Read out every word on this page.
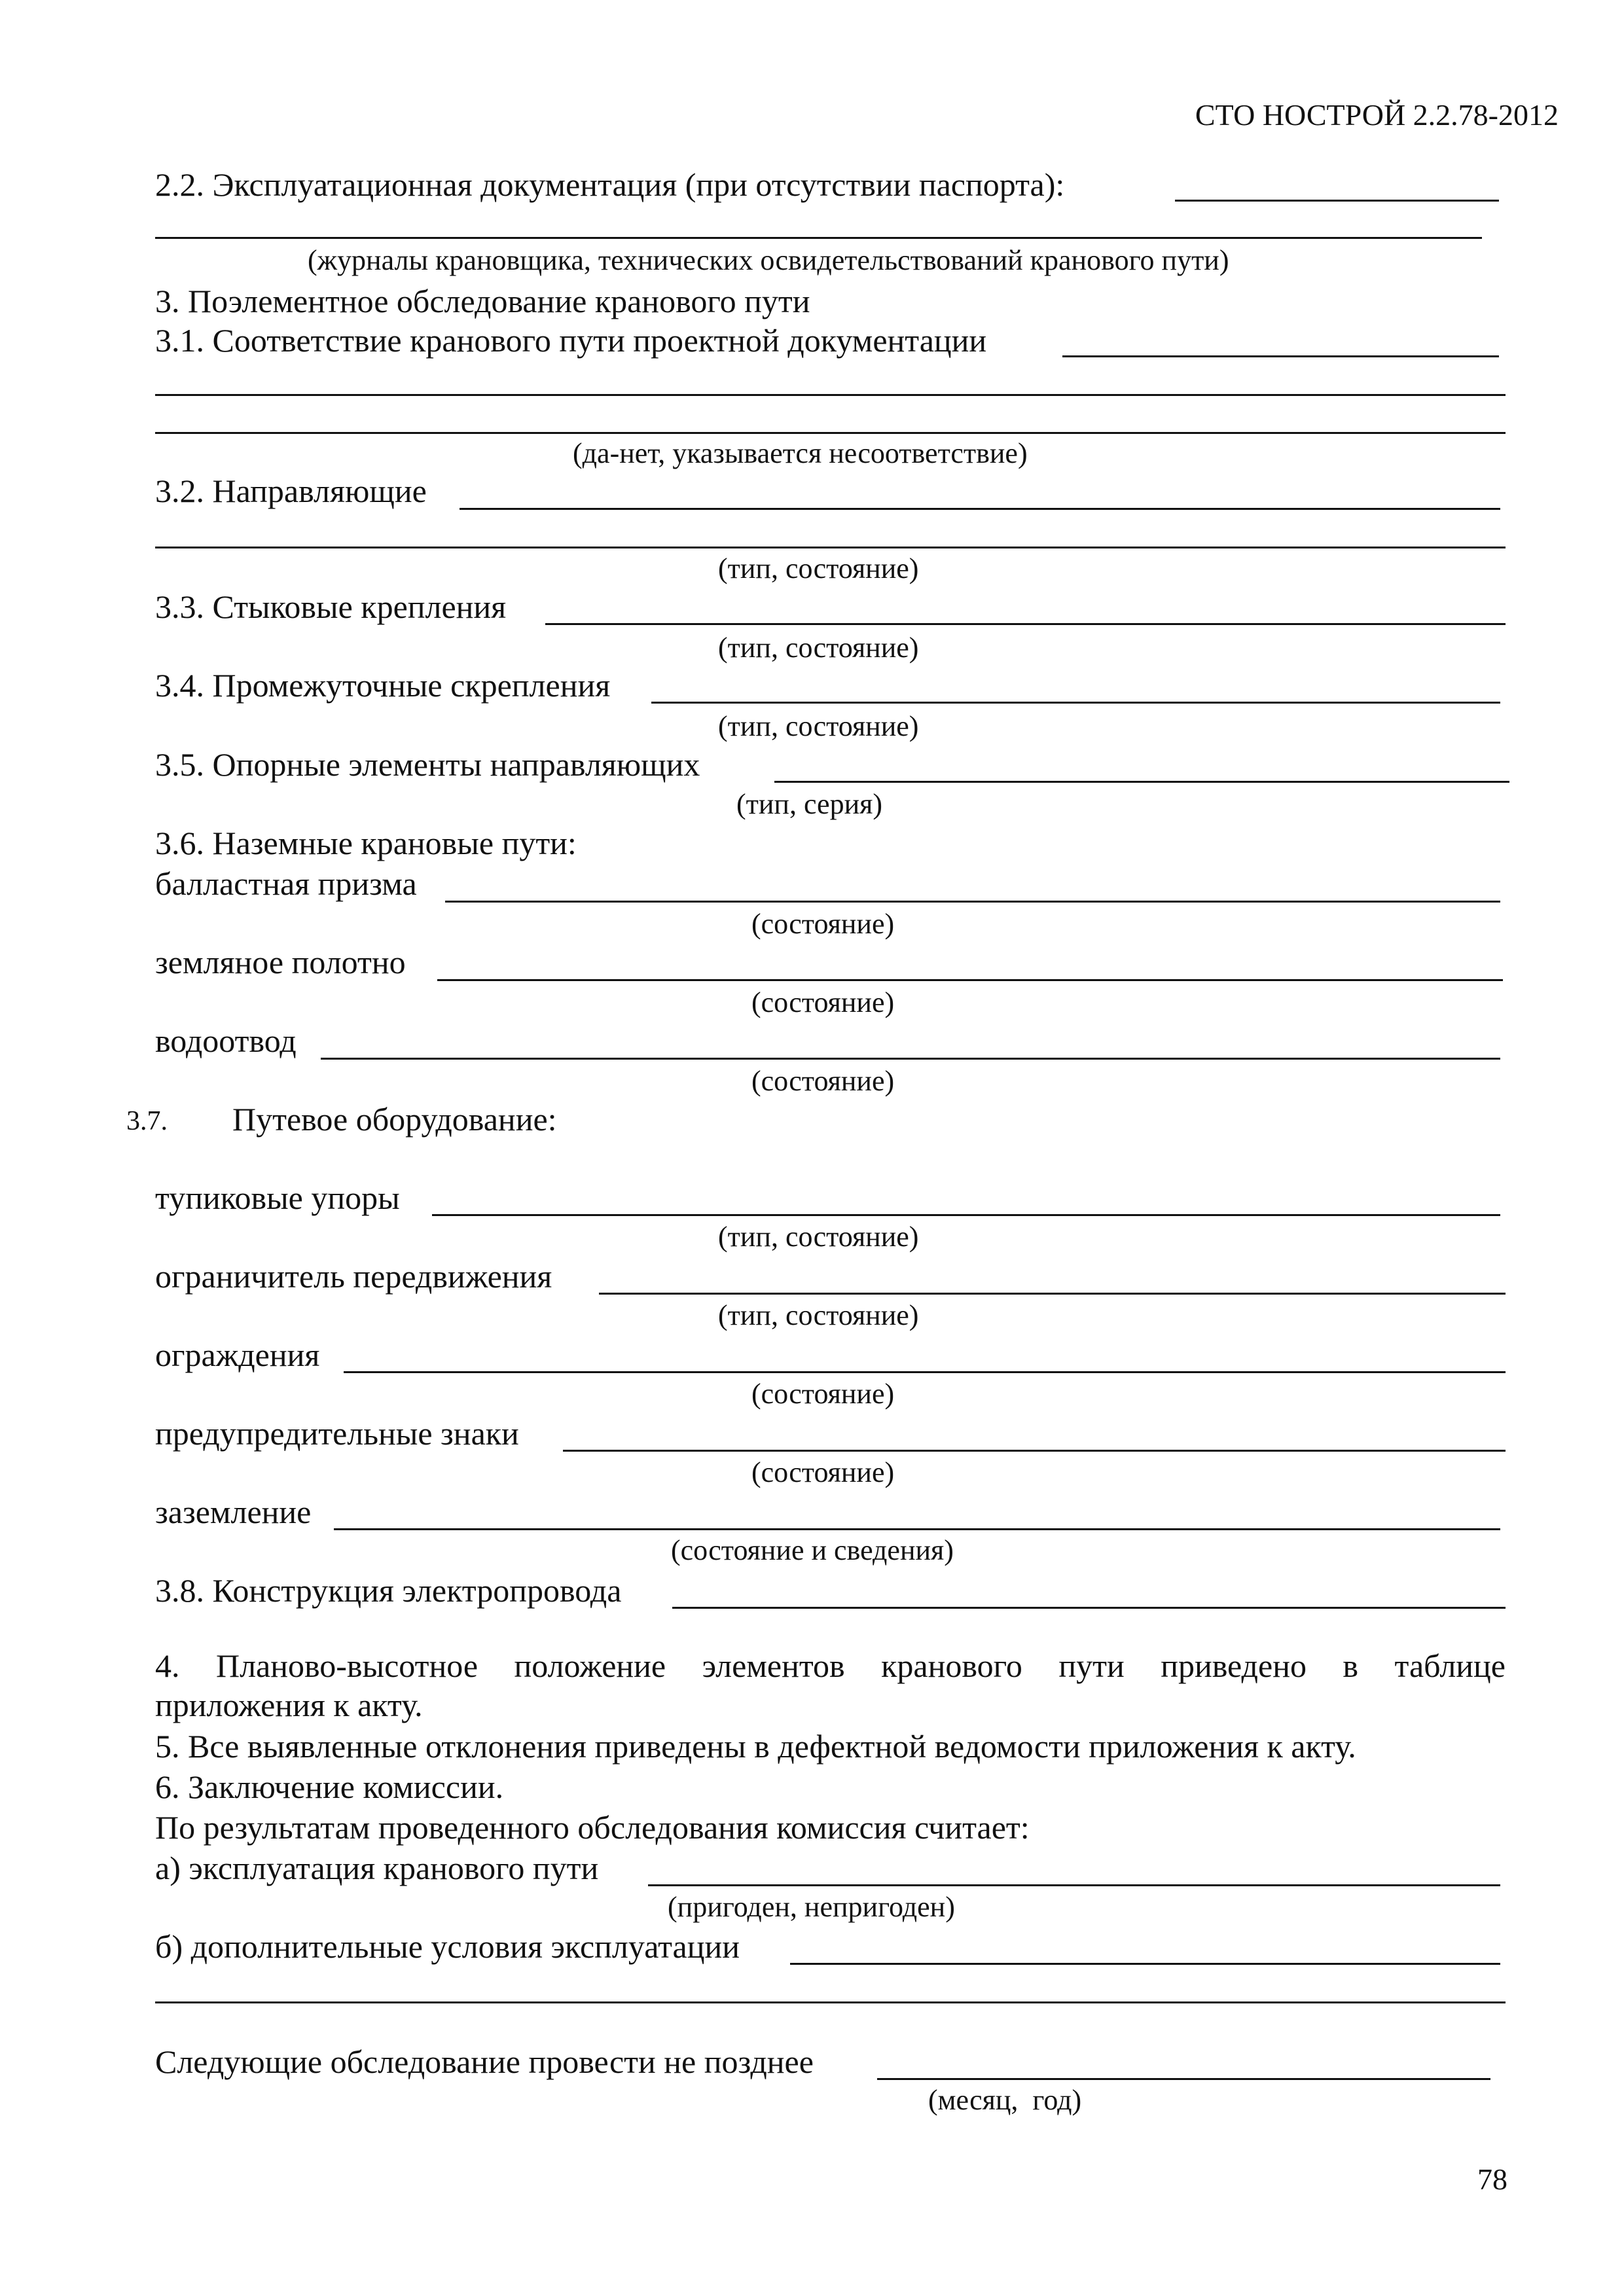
СТО НОСТРОЙ 2.2.78-2012
2.2. Эксплуатационная документация (при отсутствии паспорта):
(журналы крановщика, технических освидетельствований кранового пути)
3. Поэлементное обследование кранового пути
3.1. Соответствие кранового пути проектной документации
(да-нет, указывается несоответствие)
3.2. Направляющие
(тип, состояние)
3.3. Стыковые крепления
(тип, состояние)
3.4. Промежуточные скрепления
(тип, состояние)
3.5. Опорные элементы направляющих
(тип, серия)
3.6. Наземные крановые пути:
балластная призма
(состояние)
земляное полотно
(состояние)
водоотвод
(состояние)
3.7. Путевое оборудование:
тупиковые упоры
(тип, состояние)
ограничитель передвижения
(тип, состояние)
ограждения
(состояние)
предупредительные знаки
(состояние)
заземление
(состояние и сведения)
3.8. Конструкция электропровода
4. Планово-высотное положение элементов кранового пути приведено в таблице
приложения к акту.
5. Все выявленные отклонения приведены в дефектной ведомости приложения к акту.
6. Заключение комиссии.
По результатам проведенного обследования комиссия считает:
а) эксплуатация кранового пути
(пригоден, непригоден)
б) дополнительные условия эксплуатации
Следующие обследование провести не позднее
(месяц,  год)
78
